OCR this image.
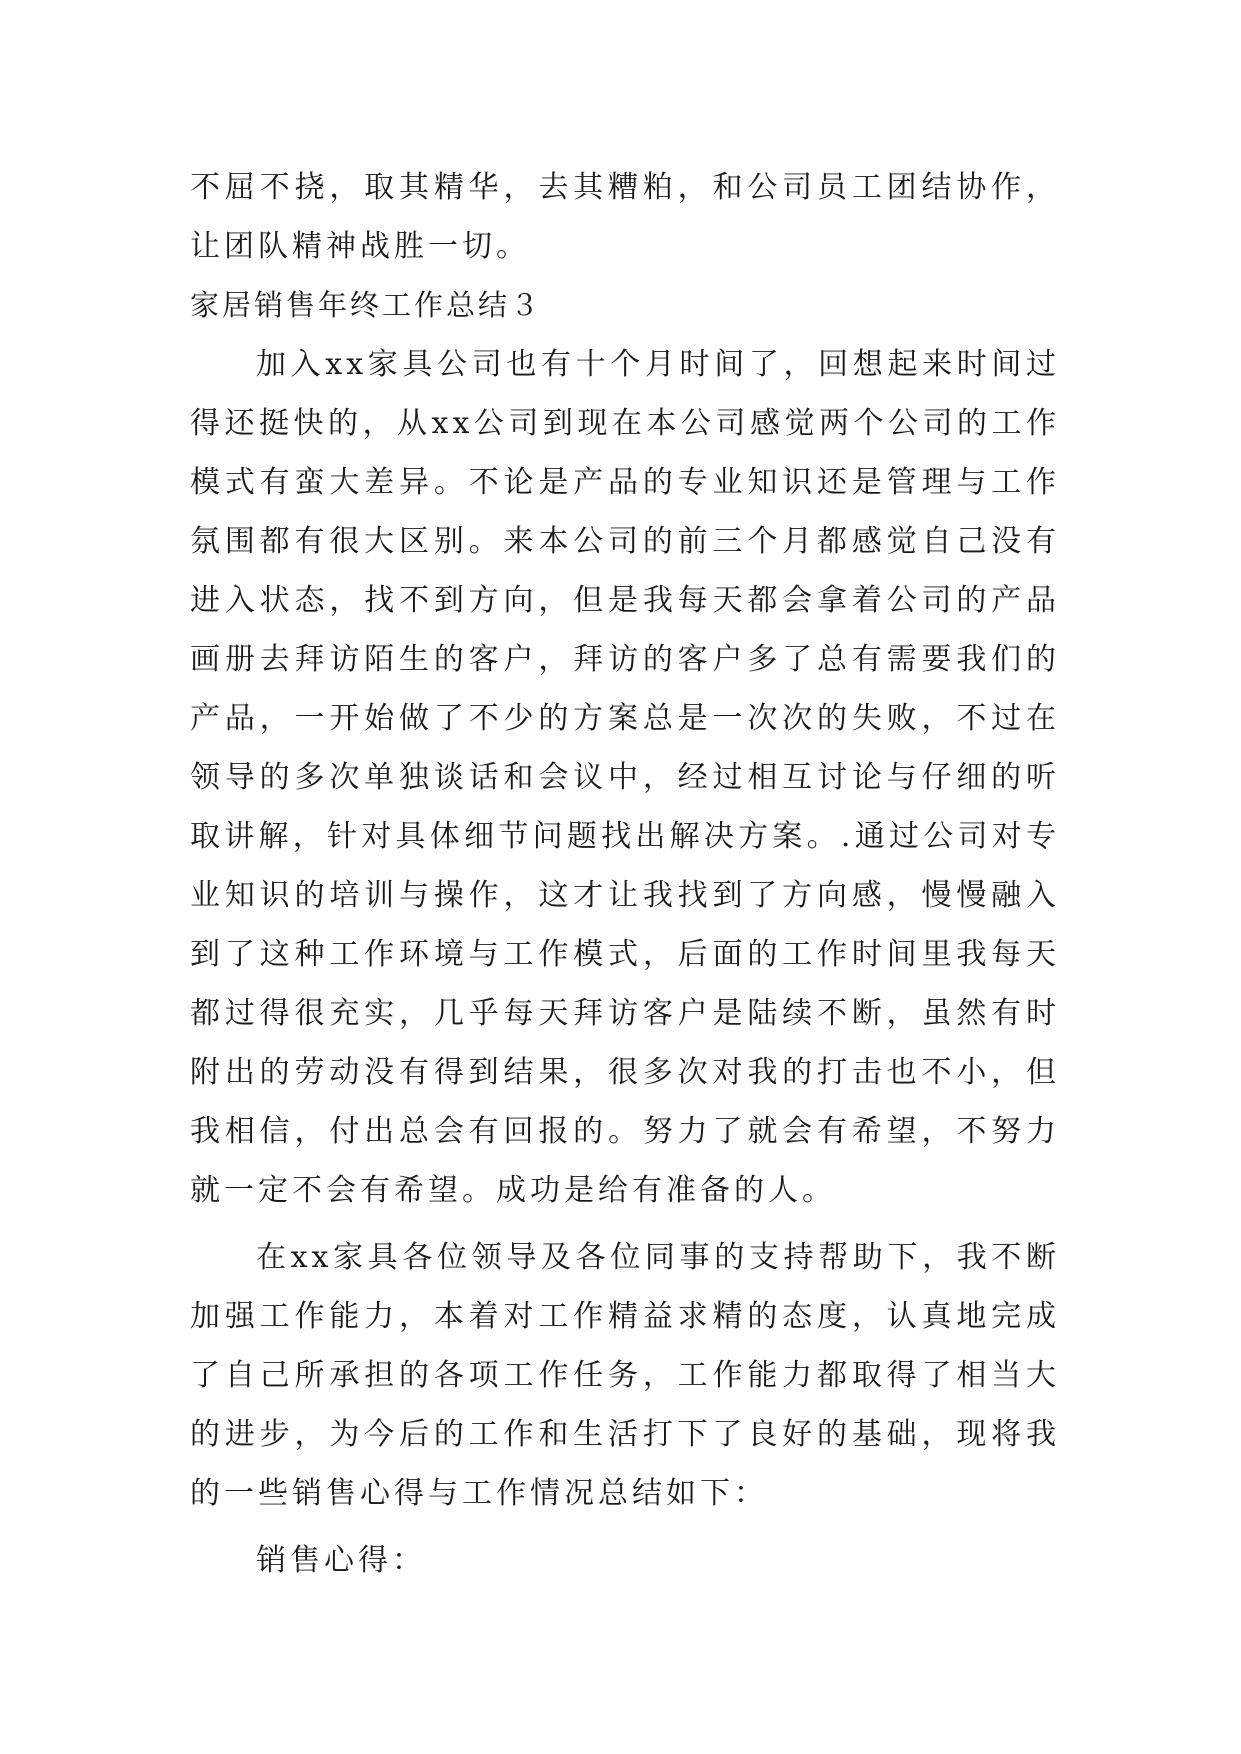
不屈不挠，取其精华，去其糟粕，和公司员工团结协作，让团队精神战胜一切。

家居销售年终工作总结３

加入xx家具公司也有十个月时间了，回想起来时间过得还挺快的，从xx公司到现在本公司感觉两个公司的工作模式有蛮大差异。不论是产品的专业知识还是管理与工作氛围都有很大区别。来本公司的前三个月都感觉自己没有进入状态，找不到方向，但是我每天都会拿着公司的产品画册去拜访陌生的客户，拜访的客户多了总有需要我们的产品，一开始做了不少的方案总是一次次的失败，不过在领导的多次单独谈话和会议中，经过相互讨论与仔细的听取讲解，针对具体细节问题找出解决方案。.通过公司对专业知识的培训与操作，这才让我找到了方向感，慢慢融入到了这种工作环境与工作模式，后面的工作时间里我每天都过得很充实，几乎每天拜访客户是陆续不断，虽然有时附出的劳动没有得到结果，很多次对我的打击也不小，但我相信，付出总会有回报的。努力了就会有希望，不努力就一定不会有希望。成功是给有准备的人。

在xx家具各位领导及各位同事的支持帮助下，我不断加强工作能力，本着对工作精益求精的态度，认真地完成了自己所承担的各项工作任务，工作能力都取得了相当大的进步，为今后的工作和生活打下了良好的基础，现将我的一些销售心得与工作情况总结如下：

销售心得：
